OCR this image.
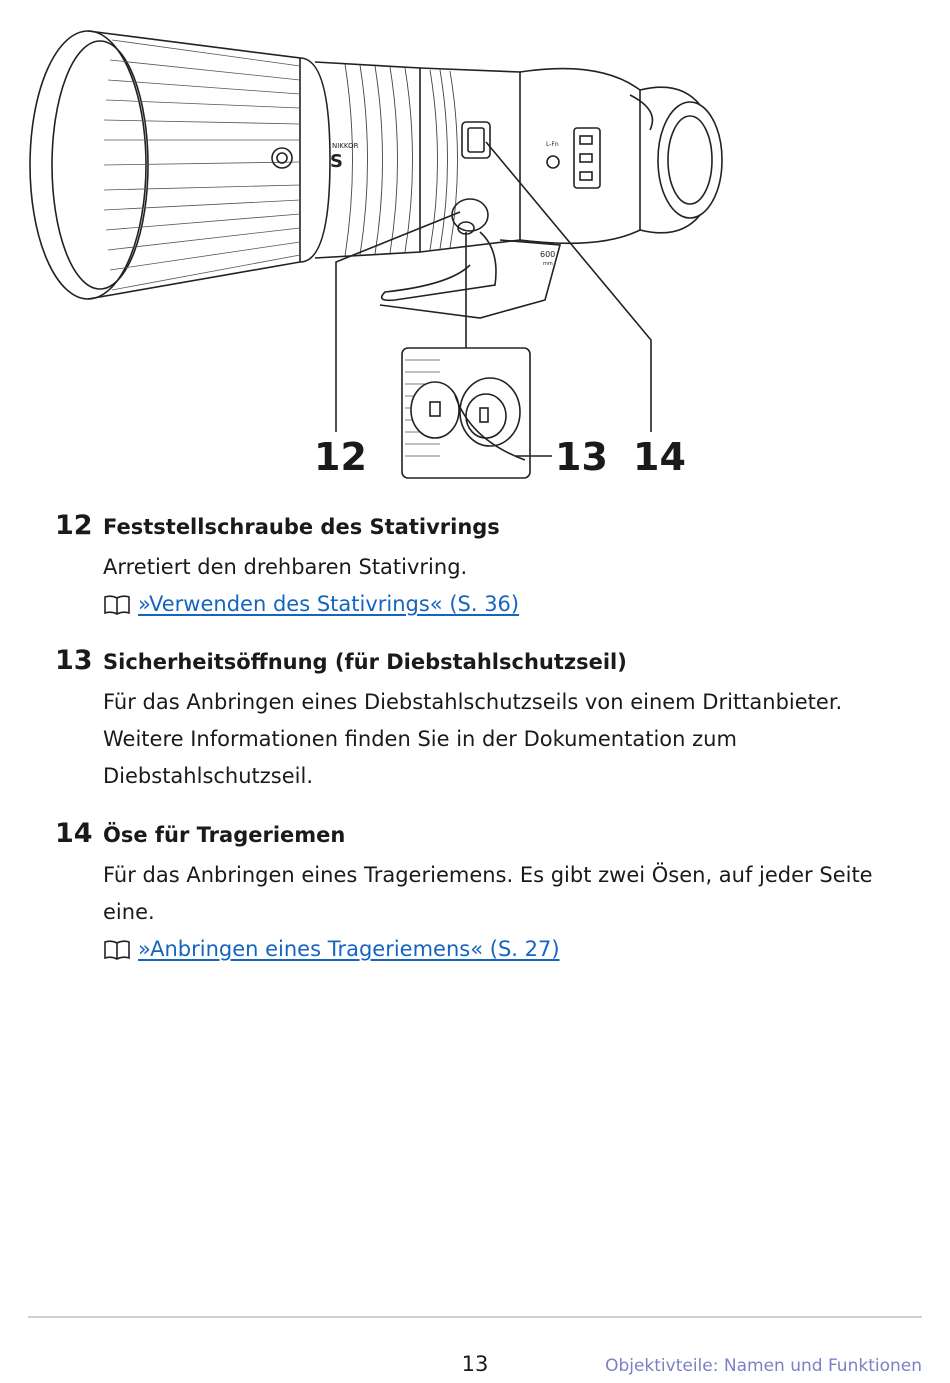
NIKKOR
S
600
mm
L-Fn
12	13 14
12 Feststellschraube des Stativrings

Arretiert den drehbaren Stativring.

»Verwenden des Stativrings« (S. 36)
13 Sicherheitsöffnung (für Diebstahlschutzseil)

Für das Anbringen eines Diebstahlschutzseils von einem Drittanbieter.

Weitere Informationen finden Sie in der Dokumentation zum

Diebstahlschutzseil.

14 Öse für Trageriemen

Für das Anbringen eines Trageriemens. Es gibt zwei Ösen, auf jeder Seite

eine.

»Anbringen eines Trageriemens« (S. 27)
13	Objektivteile: Namen und Funktionen
